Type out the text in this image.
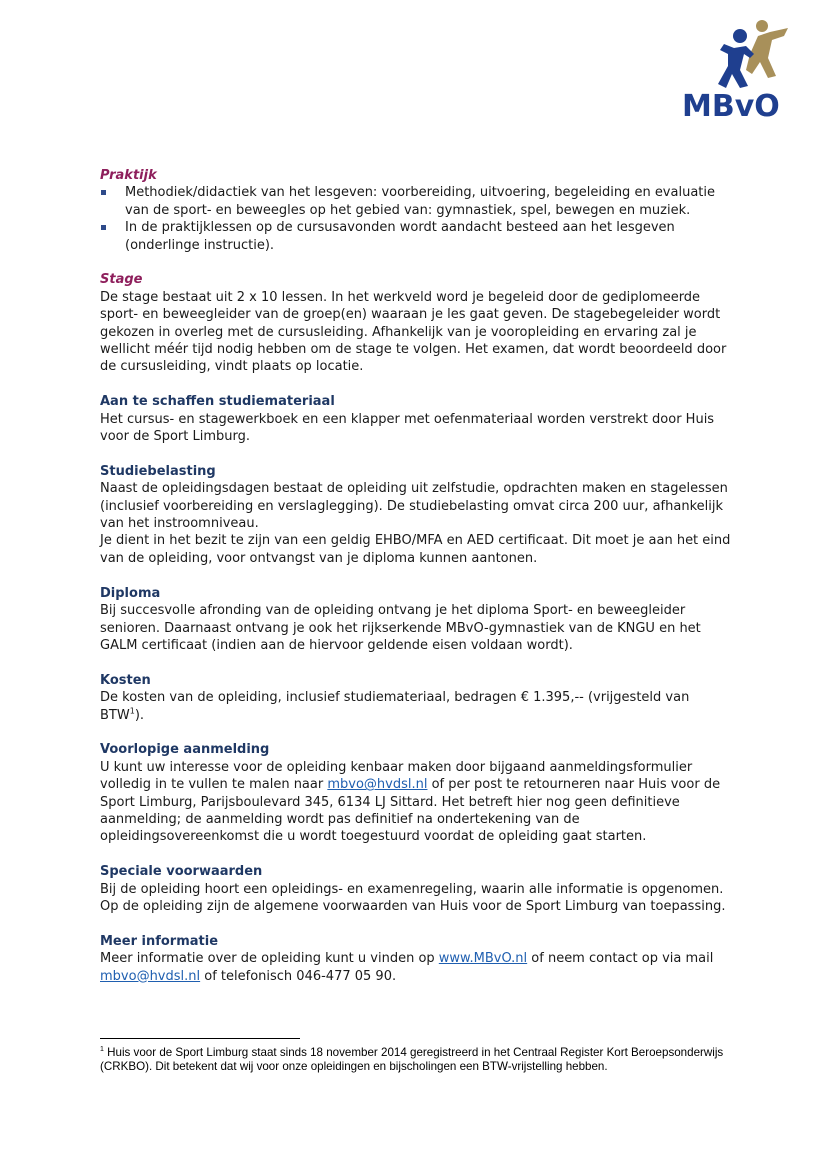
MBvO

Praktijk

Methodiek/didactiek van het lesgeven: voorbereiding, uitvoering, begeleiding en evaluatie van de sport- en beweegles op het gebied van: gymnastiek, spel, bewegen en muziek.
In de praktijklessen op de cursusavonden wordt aandacht besteed aan het lesgeven (onderlinge instructie).

Stage

De stage bestaat uit 2 x 10 lessen. In het werkveld word je begeleid door de gediplomeerde sport- en beweegleider van de groep(en) waaraan je les gaat geven. De stagebegeleider wordt gekozen in overleg met de cursusleiding. Afhankelijk van je vooropleiding en ervaring zal je wellicht méér tijd nodig hebben om de stage te volgen. Het examen, dat wordt beoordeeld door de cursusleiding, vindt plaats op locatie.

Aan te schaffen studiemateriaal

Het cursus- en stagewerkboek en een klapper met oefenmateriaal worden verstrekt door Huis voor de Sport Limburg.

Studiebelasting

Naast de opleidingsdagen bestaat de opleiding uit zelfstudie, opdrachten maken en stagelessen (inclusief voorbereiding en verslaglegging). De studiebelasting omvat circa 200 uur, afhankelijk van het instroomniveau.

Je dient in het bezit te zijn van een geldig EHBO/MFA en AED certificaat. Dit moet je aan het eind van de opleiding, voor ontvangst van je diploma kunnen aantonen.

Diploma

Bij succesvolle afronding van de opleiding ontvang je het diploma Sport- en beweegleider senioren. Daarnaast ontvang je ook het rijkserkende MBvO-gymnastiek van de KNGU en het GALM certificaat (indien aan de hiervoor geldende eisen voldaan wordt).

Kosten

De kosten van de opleiding, inclusief studiemateriaal, bedragen € 1.395,-- (vrijgesteld van BTW$^1$).

Voorlopige aanmelding

U kunt uw interesse voor de opleiding kenbaar maken door bijgaand aanmeldingsformulier volledig in te vullen te malen naar mbvo@hvdsl.nl of per post te retourneren naar Huis voor de Sport Limburg, Parijsboulevard 345, 6134 LJ Sittard. Het betreft hier nog geen definitieve aanmelding; de aanmelding wordt pas definitief na ondertekening van de opleidingsovereenkomst die u wordt toegestuurd voordat de opleiding gaat starten.

Speciale voorwaarden

Bij de opleiding hoort een opleidings- en examenregeling, waarin alle informatie is opgenomen.

Op de opleiding zijn de algemene voorwaarden van Huis voor de Sport Limburg van toepassing.

Meer informatie

Meer informatie over de opleiding kunt u vinden op www.MBvO.nl of neem contact op via mail mbvo@hvdsl.nl of telefonisch 046-477 05 90.

$^1$ Huis voor de Sport Limburg staat sinds 18 november 2014 geregistreerd in het Centraal Register Kort Beroepsonderwijs (CRKBO). Dit betekent dat wij voor onze opleidingen en bijscholingen een BTW-vrijstelling hebben.
